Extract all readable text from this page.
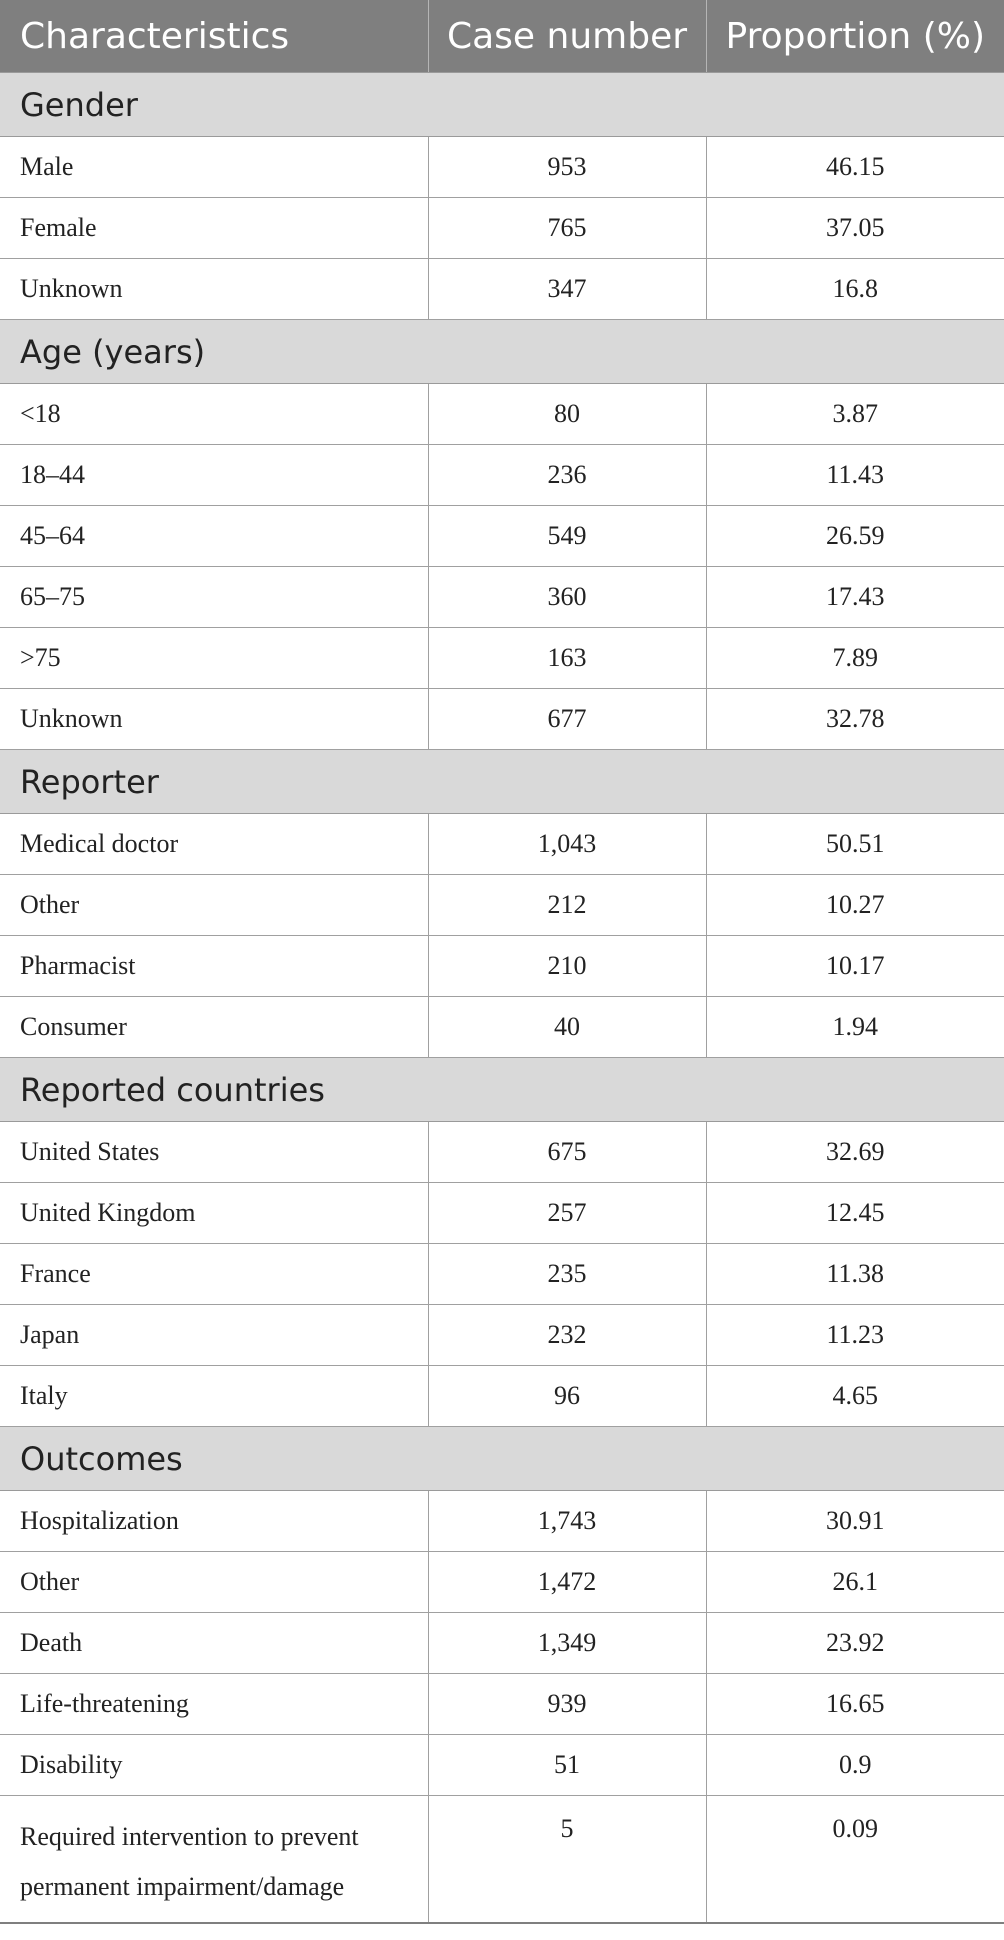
Characteristics	Case number	Proportion (%)
Gender		
Male	953	46.15
Female	765	37.05
Unknown	347	16.8
Age (years)		
<18	80	3.87
18–44	236	11.43
45–64	549	26.59
65–75	360	17.43
>75	163	7.89
Unknown	677	32.78
Reporter		
Medical doctor	1,043	50.51
Other	212	10.27
Pharmacist	210	10.17
Consumer	40	1.94
Reported countries		
United States	675	32.69
United Kingdom	257	12.45
France	235	11.38
Japan	232	11.23
Italy	96	4.65
Outcomes		
Hospitalization	1,743	30.91
Other	1,472	26.1
Death	1,349	23.92
Life-threatening	939	16.65
Disability	51	0.9
Required intervention to prevent permanent impairment/damage	5	0.09
